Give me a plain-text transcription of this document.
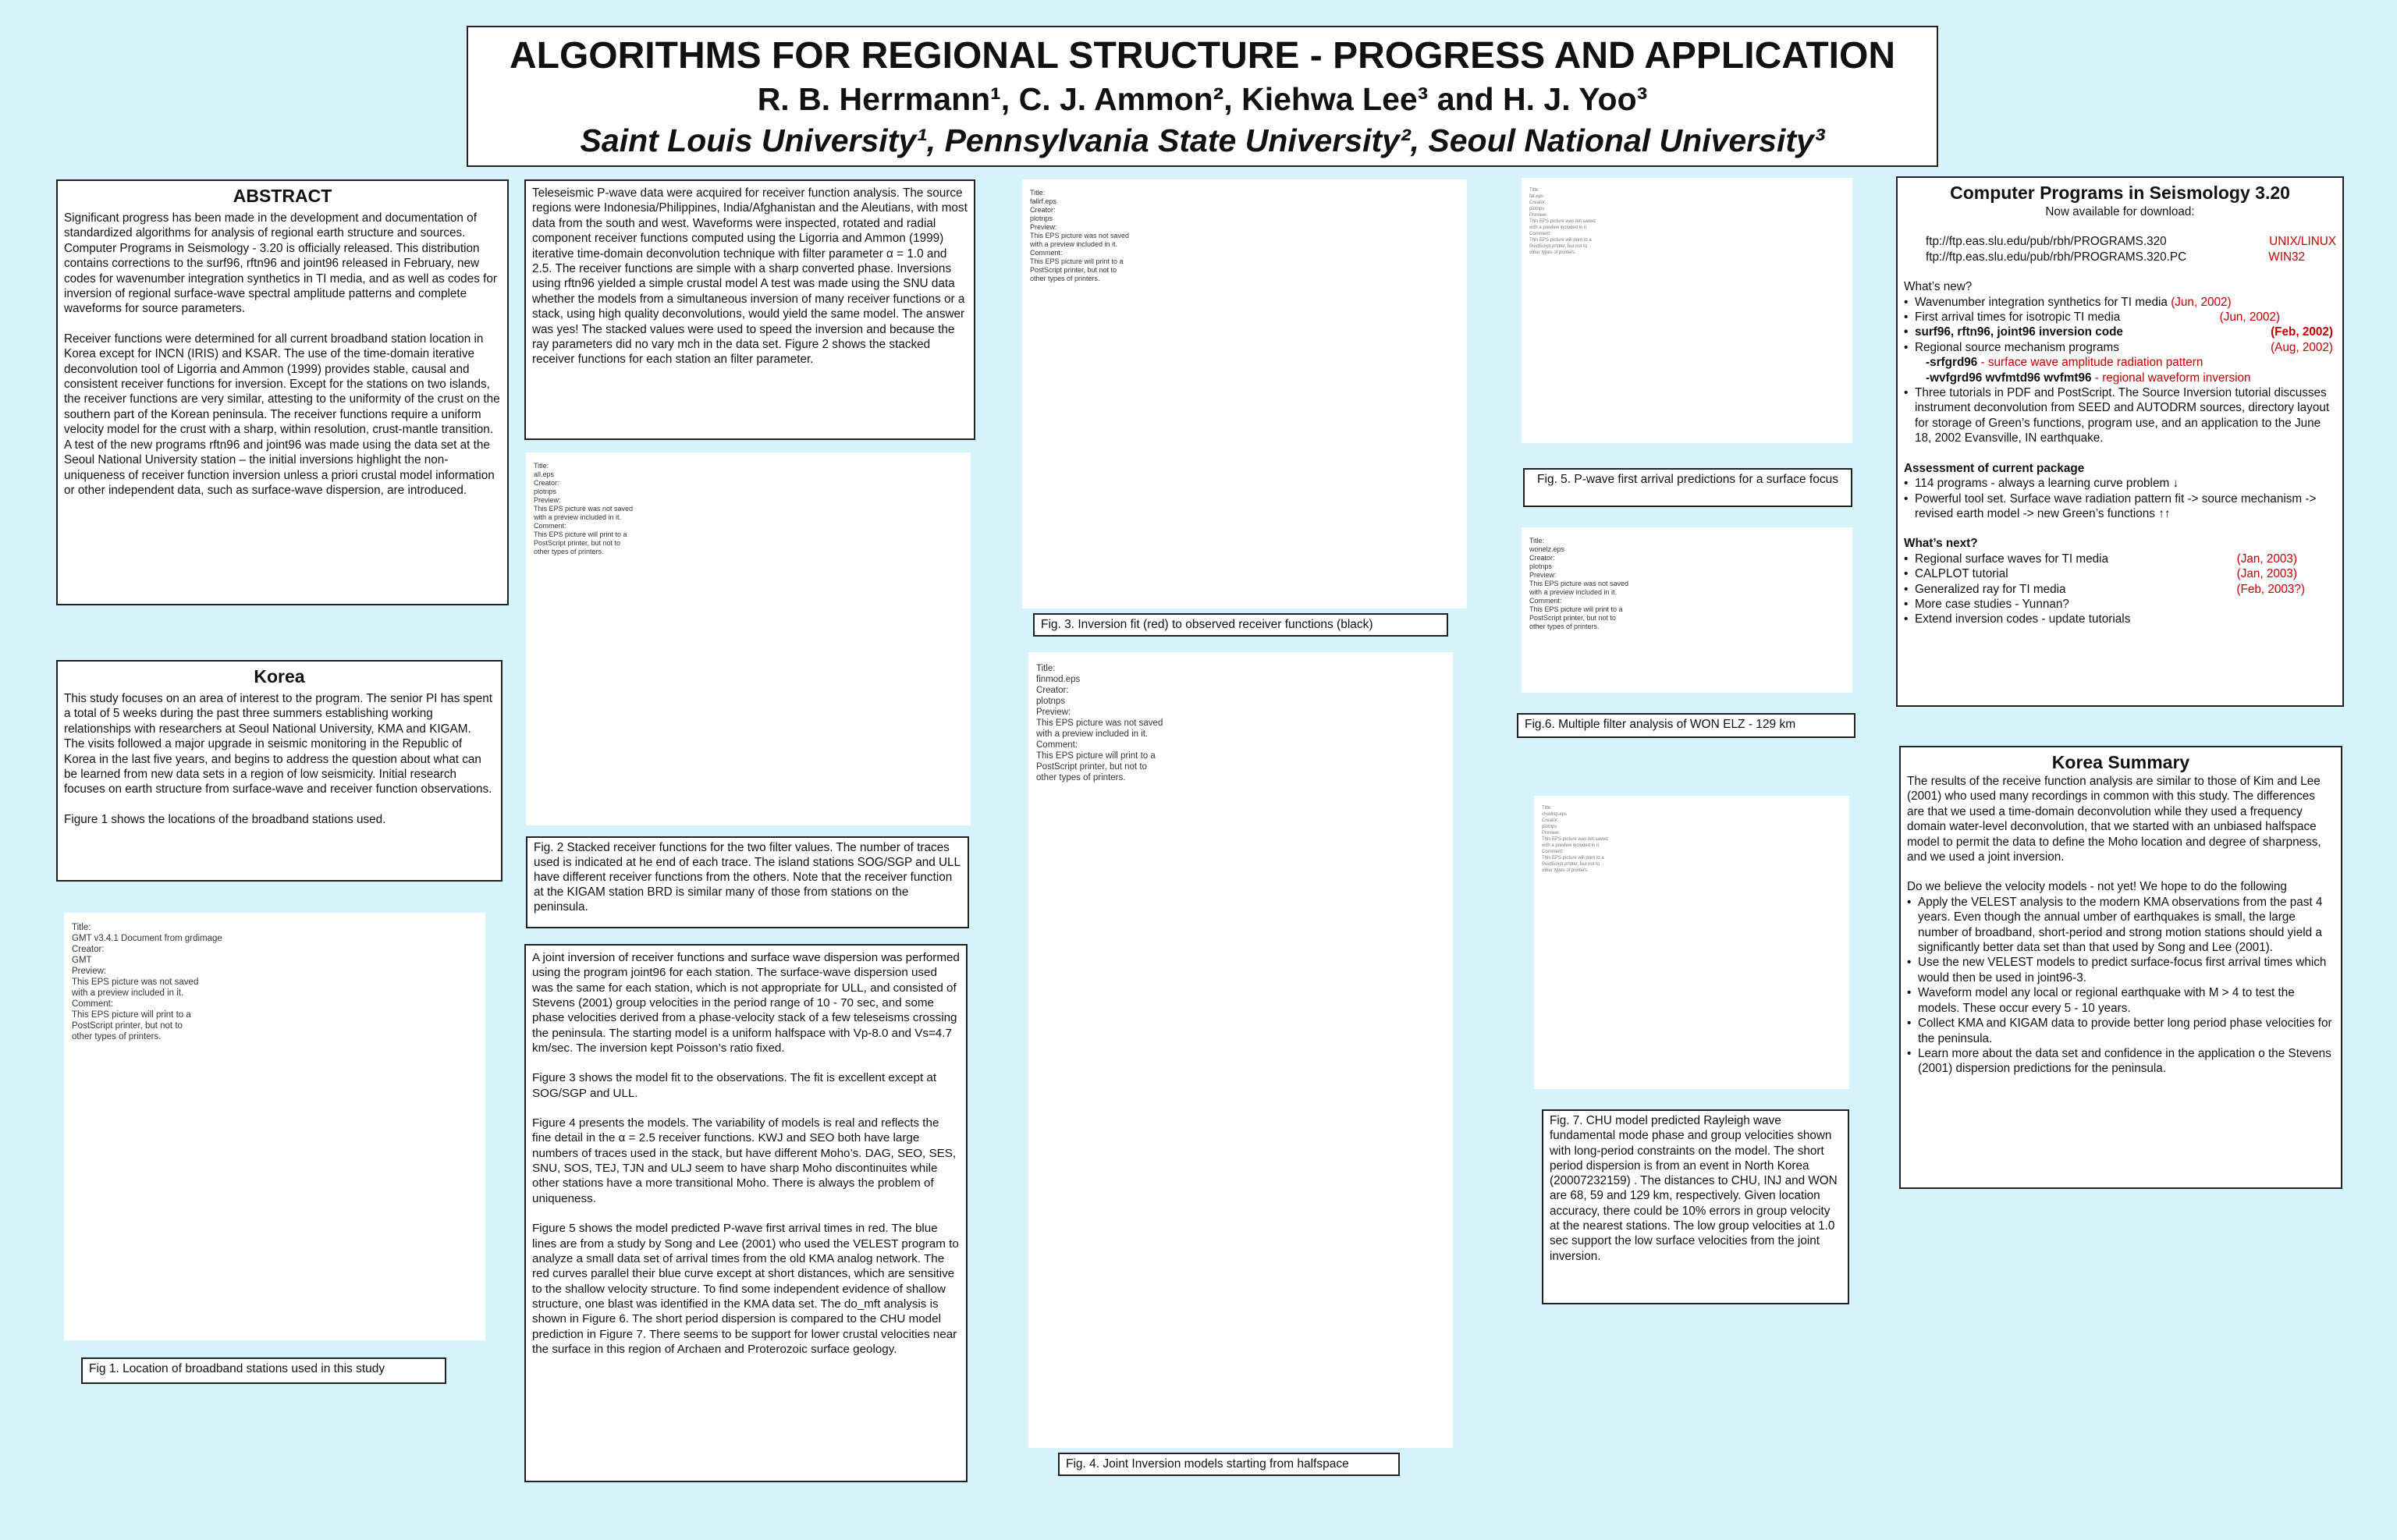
ALGORITHMS FOR REGIONAL STRUCTURE - PROGRESS AND APPLICATION
R. B. Herrmann¹, C. J. Ammon², Kiehwa Lee³ and H. J. Yoo³
Saint Louis University¹, Pennsylvania State University², Seoul National University³
ABSTRACT

Significant progress has been made in the development and documentation of standardized algorithms for analysis of regional earth structure and sources. Computer Programs in Seismology - 3.20 is officially released. This distribution contains corrections to the surf96, rftn96 and joint96 released in February, new codes for wavenumber integration synthetics in TI media, and as well as codes for inversion of regional surface-wave spectral amplitude patterns and complete waveforms for source parameters.

Receiver functions were determined for all current broadband station location in Korea except for INCN (IRIS) and KSAR. The use of the time-domain iterative deconvolution tool of Ligorria and Ammon (1999) provides stable, causal and consistent receiver functions for inversion. Except for the stations on two islands, the receiver functions are very similar, attesting to the uniformity of the crust on the southern part of the Korean peninsula. The receiver functions require a uniform velocity model for the crust with a sharp, within resolution, crust-mantle transition. A test of the new programs rftn96 and joint96 was made using the data set at the Seoul National University station – the initial inversions highlight the non-uniqueness of receiver function inversion unless a priori crustal model information or other independent data, such as surface-wave dispersion, are introduced.

Korea

This study focuses on an area of interest to the program. The senior PI has spent a total of 5 weeks during the past three summers establishing working relationships with researchers at Seoul National University, KMA and KIGAM. The visits followed a major upgrade in seismic monitoring in the Republic of Korea in the last five years, and begins to address the question about what can be learned from new data sets in a region of low seismicity. Initial research focuses on earth structure from surface-wave and receiver function observations.

Figure 1 shows the locations of the broadband stations used.

Title:
GMT v3.4.1 Document from grdimage
Creator:
GMT
Preview:
This EPS picture was not saved
with a preview included in it.
Comment:
This EPS picture will print to a
PostScript printer, but not to
other types of printers.
Fig 1. Location of broadband stations used in this study

Teleseismic P-wave data were acquired for receiver function analysis. The source regions were Indonesia/Philippines, India/Afghanistan and the Aleutians, with most data from the south and west. Waveforms were inspected, rotated and radial component receiver functions computed using the Ligorria and Ammon (1999) iterative time-domain deconvolution technique with filter parameter α = 1.0 and 2.5. The receiver functions are simple with a sharp converted phase. Inversions using rftn96 yielded a simple crustal model A test was made using the SNU data whether the models from a simultaneous inversion of many receiver functions or a stack, using high quality deconvolutions, would yield the same model. The answer was yes! The stacked values were used to speed the inversion and because the ray parameters did no vary mch in the data set. Figure 2 shows the stacked receiver functions for each station an filter parameter.

Title:
all.eps
Creator:
plotnps
Preview:
This EPS picture was not saved
with a preview included in it.
Comment:
This EPS picture will print to a
PostScript printer, but not to
other types of printers.
Fig. 2 Stacked receiver functions for the two filter values. The number of traces used is indicated at he end of each trace. The island stations SOG/SGP and ULL have different receiver functions from the others. Note that the receiver function at the KIGAM station BRD is similar many of those from stations on the peninsula.

A joint inversion of receiver functions and surface wave dispersion was performed using the program joint96 for each station. The surface-wave dispersion used was the same for each station, which is not appropriate for ULL, and consisted of Stevens (2001) group velocities in the period range of 10 - 70 sec, and some phase velocities derived from a phase-velocity stack of a few teleseisms crossing the peninsula. The starting model is a uniform halfspace with Vp-8.0 and Vs=4.7 km/sec. The inversion kept Poisson’s ratio fixed.

Figure 3 shows the model fit to the observations. The fit is excellent except at SOG/SGP and ULL.

Figure 4 presents the models. The variability of models is real and reflects the fine detail in the α = 2.5 receiver functions. KWJ and SEO both have large numbers of traces used in the stack, but have different Moho’s. DAG, SEO, SES, SNU, SOS, TEJ, TJN and ULJ seem to have sharp Moho discontinuites while other stations have a more transitional Moho. There is always the problem of uniqueness.

Figure 5 shows the model predicted P-wave first arrival times in red. The blue lines are from a study by Song and Lee (2001) who used the VELEST program to analyze a small data set of arrival times from the old KMA analog network. The red curves parallel their blue curve except at short distances, which are sensitive to the shallow velocity structure. To find some independent evidence of shallow structure, one blast was identified in the KMA data set. The do_mft analysis is shown in Figure 6. The short period dispersion is compared to the CHU model prediction in Figure 7. There seems to be support for lower crustal velocities near the surface in this region of Archaen and Proterozoic surface geology.

Title:
fallrf.eps
Creator:
plotnps
Preview:
This EPS picture was not saved
with a preview included in it.
Comment:
This EPS picture will print to a
PostScript printer, but not to
other types of printers.
Fig. 3. Inversion fit (red) to observed receiver functions (black)
Title:
finmod.eps
Creator:
plotnps
Preview:
This EPS picture was not saved
with a preview included in it.
Comment:
This EPS picture will print to a
PostScript printer, but not to
other types of printers.
Fig. 4. Joint Inversion models starting from halfspace
Title:
fat.eps
Creator:
plotnps
Preview:
This EPS picture was not saved
with a preview included in it.
Comment:
This EPS picture will print to a
PostScript printer, but not to
other types of printers.
Fig. 5. P-wave first arrival predictions for a surface focus
Title:
wonelz.eps
Creator:
plotnps
Preview:
This EPS picture was not saved
with a preview included in it.
Comment:
This EPS picture will print to a
PostScript printer, but not to
other types of printers.
Fig.6. Multiple filter analysis of WON ELZ - 129 km
Title:
chudisp.eps
Creator:
plotnps
Preview:
This EPS picture was not saved
with a preview included in it.
Comment:
This EPS picture will print to a
PostScript printer, but not to
other types of printers.
Fig. 7. CHU model predicted Rayleigh wave fundamental mode phase and group velocities shown with long-period constraints on the model. The short period dispersion is from an event in North Korea (20007232159) . The distances to CHU, INJ and WON are 68, 59 and 129 km, respectively. Given location accuracy, there could be 10% errors in group velocity at the nearest stations. The low group velocities at 1.0 sec support the low surface velocities from the joint inversion.
Computer Programs in Seismology 3.20
Now available for download:
ftp://ftp.eas.slu.edu/pub/rbh/PROGRAMS.320	UNIX/LINUX
ftp://ftp.eas.slu.edu/pub/rbh/PROGRAMS.320.PC	WIN32
What’s new?
• Wavenumber integration synthetics for TI media (Jun, 2002)
• First arrival times for isotropic TI media	(Jun, 2002)
• surf96, rftn96, joint96 inversion code	(Feb, 2002)
• Regional source mechanism programs	(Aug, 2002)
-srfgrd96 - surface wave amplitude radiation pattern
-wvfgrd96 wvfmtd96 wvfmt96 - regional waveform inversion
• Three tutorials in PDF and PostScript. The Source Inversion tutorial discusses instrument deconvolution from SEED and AUTODRM sources, directory layout for storage of Green’s functions, program use, and an application to the June 18, 2002 Evansville, IN earthquake.
Assessment of current package
• 114 programs - always a learning curve problem ↓
• Powerful tool set. Surface wave radiation pattern fit -> source mechanism -> revised earth model -> new Green’s functions ↑↑
What’s next?
• Regional surface waves for TI media	(Jan, 2003)
• CALPLOT tutorial	(Jan, 2003)
• Generalized ray for TI media	(Feb, 2003?)
• More case studies - Yunnan?
• Extend inversion codes - update tutorials
Korea Summary

The results of the receive function analysis are similar to those of Kim and Lee (2001) who used many recordings in common with this study. The differences are that we used a time-domain deconvolution while they used a frequency domain water-level deconvolution, that we started with an unbiased halfspace model to permit the data to define the Moho location and degree of sharpness, and we used a joint inversion.

Do we believe the velocity models - not yet! We hope to do the following
• Apply the VELEST analysis to the modern KMA observations from the past 4 years. Even though the annual umber of earthquakes is small, the large number of broadband, short-period and strong motion stations should yield a significantly better data set than that used by Song and Lee (2001).
• Use the new VELEST models to predict surface-focus first arrival times which would then be used in joint96-3.
• Waveform model any local or regional earthquake with M > 4 to test the models. These occur every 5 - 10 years.
• Collect KMA and KIGAM data to provide better long period phase velocities for the peninsula.
• Learn more about the data set and confidence in the application o the Stevens (2001) dispersion predictions for the peninsula.
